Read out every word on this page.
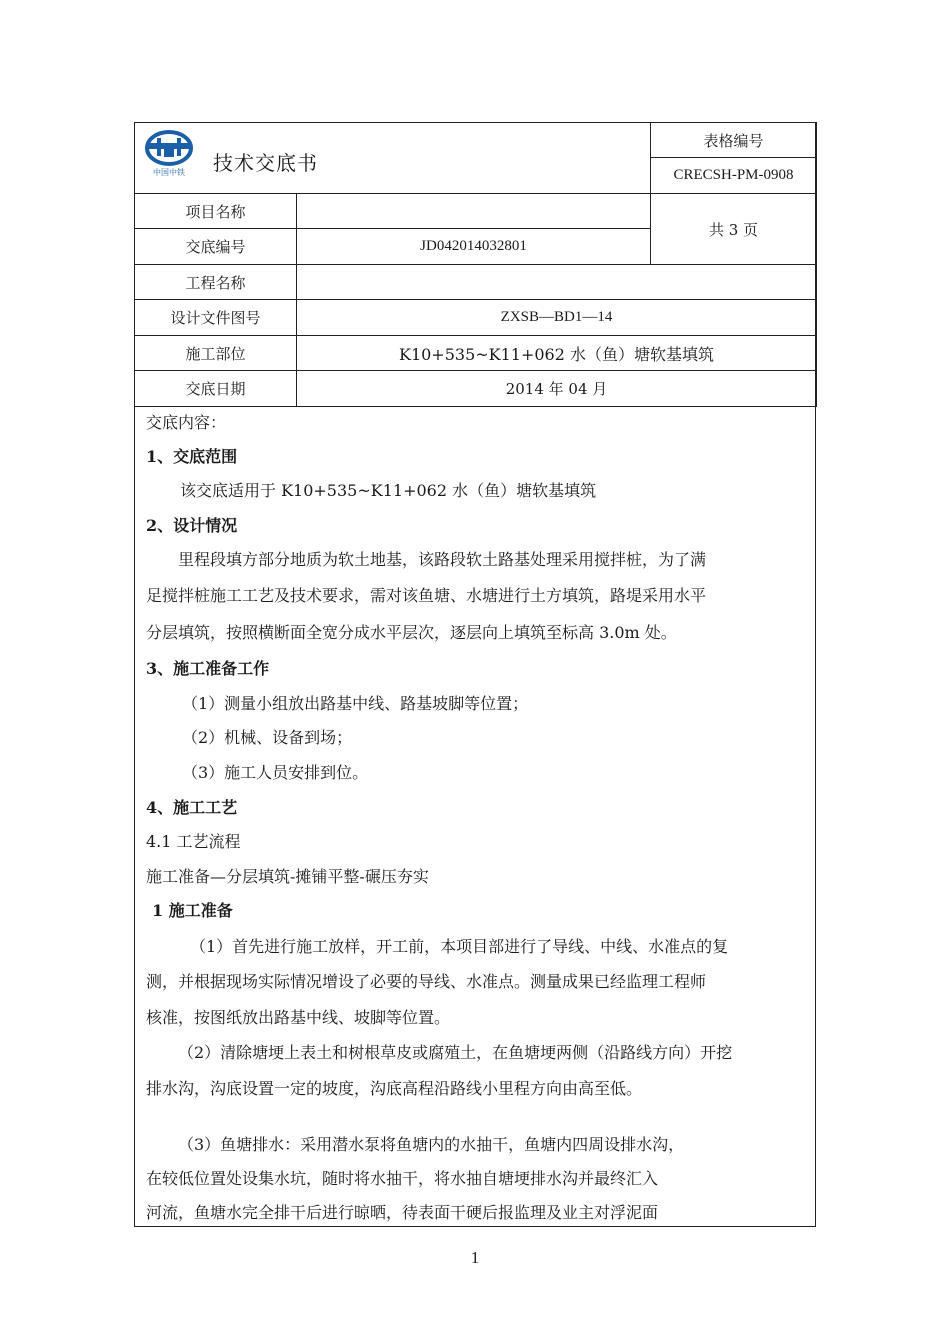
中国中铁 技术交底书		表格编号
		CRECSH-PM-0908
项目名称		共 3 页
交底编号	JD042014032801	
工程名称		
设计文件图号	ZXSB—BD1—14	
施工部位	K10+535~K11+062 水（鱼）塘软基填筑	
交底日期	2014 年 04 月	
交底内容：
1、交底范围
该交底适用于 K10+535~K11+062 水（鱼）塘软基填筑
2、设计情况
里程段填方部分地质为软土地基，该路段软土路基处理采用搅拌桩，为了满
足搅拌桩施工工艺及技术要求，需对该鱼塘、水塘进行土方填筑，路堤采用水平
分层填筑，按照横断面全宽分成水平层次，逐层向上填筑至标高 3.0m 处。
3、施工准备工作
（1）测量小组放出路基中线、路基坡脚等位置；
（2）机械、设备到场；
（3）施工人员安排到位。
4、施工工艺
4.1 工艺流程
施工准备—分层填筑-摊铺平整-碾压夯实
1 施工准备
（1）首先进行施工放样，开工前，本项目部进行了导线、中线、水准点的复
测，并根据现场实际情况增设了必要的导线、水准点。测量成果已经监理工程师
核准，按图纸放出路基中线、坡脚等位置。
（2）清除塘埂上表土和树根草皮或腐殖土，在鱼塘埂两侧（沿路线方向）开挖
排水沟，沟底设置一定的坡度，沟底高程沿路线小里程方向由高至低。
（3）鱼塘排水：采用潜水泵将鱼塘内的水抽干，鱼塘内四周设排水沟，
在较低位置处设集水坑，随时将水抽干，将水抽自塘埂排水沟并最终汇入
河流，鱼塘水完全排干后进行晾晒，待表面干硬后报监理及业主对浮泥面
1
